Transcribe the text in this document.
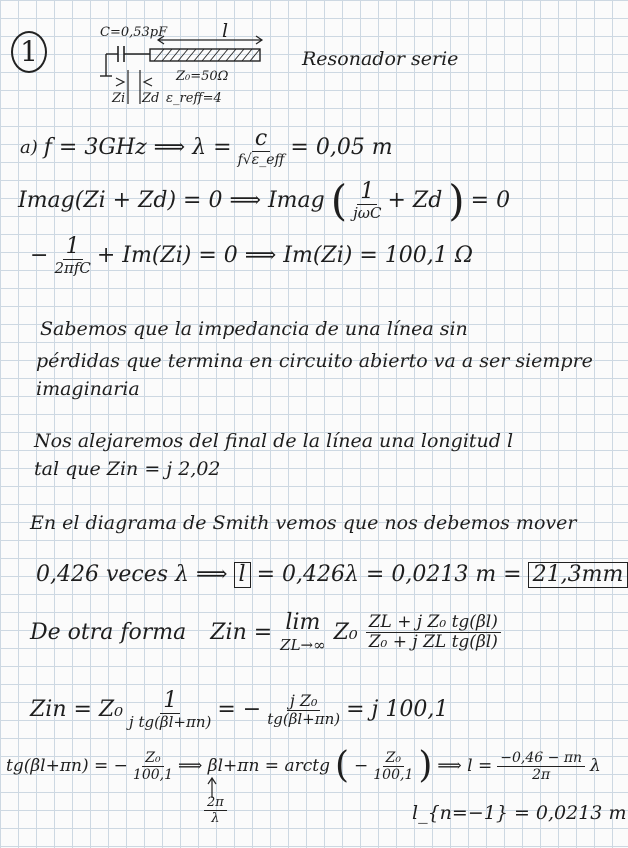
1
C=0,53pF	l
Zi Zd
Z₀=50Ω
ε_reff=4
Resonador serie
a) f = 3GHz ⟹ $\lambda = \frac{c}{\text{f√ε\_eff}} = 0,05$ m
Imag(Zi + Zd) = 0 ⟹ Imag ( $\frac{1}{\text{jωC}} + Zd$ ) = 0
− $\frac{1}{\text{2πfC}} + Im(Zi) = 0$ ⟹ Im(Zi) = 100,1 Ω
Sabemos que la impedancia de una línea sin
pérdidas que termina en circuito abierto va a ser siempre
imaginaria
Nos alejaremos del final de la línea una longitud l
tal que Zin = j 2,02
En el diagrama de Smith vemos que nos debemos mover
0,426 veces λ ⟹ l = 0,426λ = 0,0213 m = 21,3mm
De otra forma Zin = lim
ZL→∞
$Z_0 \frac{\text{ZL + j Z₀ tg(βl)}}{\text{Z₀ + j ZL tg(βl)}}$
Zin = $Z_0 \frac{1}{\text{j tg(βl+πn)}}$ = − $\frac{\text{j Z₀}}{tg(\beta l+\pi n)} = j$ 100,1
tg(βl+πn) = − $\frac{\text{Z₀}}{100,1}$ ⟹ βl+πn = arctg ( − $\frac{\text{Z₀}}{100,1}$ ) ⟹ $l = \frac{-0,46 - \pi n}{2\pi}$ λ
$\frac{2\pi}{\lambda}$	l_{n=−1} = 0,0213 m
